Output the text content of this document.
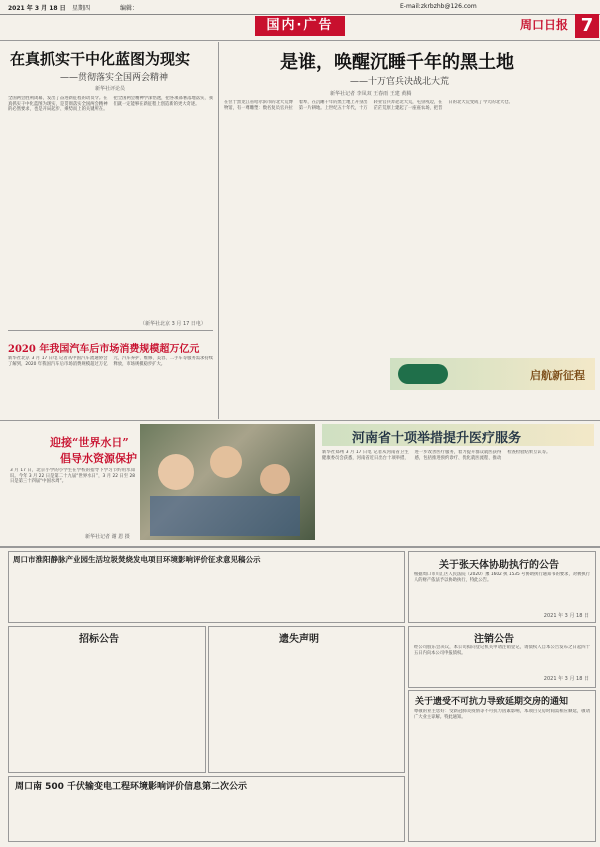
2021 年 3 月 18 日 星期四	编辑：	E-mail:zkrbzhb@126.com
国内·广告	周口日报 7
在真抓实干中化蓝图为现实
——贯彻落实全国两会精神
新华社评论员
全国两会胜利闭幕，发出了奋进新征程的动员令。在真抓实干中化蓝图为现实，是贯彻落实全国两会精神的必然要求，也是开局起步、乘势而上的关键所在。把全国两会精神学深悟透，把各项部署落地落实，我们就一定能够在新征程上创造新的更大奇迹。
（新华社北京 3 月 17 日电）
2020 年我国汽车后市场消费规模超万亿元
新华社北京 3 月 17 日电 记者从中国汽车流通协会了解到，2020 年我国汽车后市场消费规模超过万亿元，汽车养护、维修、美容、二手车等服务需求持续释放，市场规模稳步扩大。
是谁，唤醒沉睡千年的黑土地
——十万官兵决战北大荒
新华社记者 李凤双 王春雨 王建 黄腾
在位于黑龙江省哈尔滨市的北大荒博物馆，有一尊雕塑：数名复员官兵拉着犁，在沉睡千年的黑土地上开垦出第一片耕地。上世纪五十年代，十万转业官兵奔赴北大荒，屯垦戍边，在茫茫荒原上建起了一座座农场，把昔日的北大荒变成了今天的北大仓。
启航新征程
迎接“世界水日”
倡导水资源保护
3 月 17 日，北京小学的小学生在学校的指导下学习节约用水知识。今年 3 月 22 日是第二十九届“世界水日”，3 月 22 日至 28 日是第三十四届“中国水周”。
新华社记者 谢 恩 摄
河南省十项举措提升医疗服务
新华社郑州 3 月 17 日电 记者从河南省卫生健康委员会获悉，河南省近日出台十项举措，进一步改善医疗服务，着力提升群众就医获得感，包括推进预约诊疗、优化就医流程、推动检查检验结果互认等。
周口市淮阳静脉产业园生活垃圾焚烧发电项目环境影响评价征求意见稿公示
关于张天体协助执行的公告
根据周口市川汇区人民法院（2020）豫 1602 执 1535 号协助执行通知书的要求，对被执行人的财产依法予以协助执行，特此公告。
2021 年 3 月 18 日
招标公告	遗失声明	注销公告
经公司股东会决议，本公司拟向登记机关申请注销登记，请债权人自本公告发布之日起四十五日内向本公司申报债权。
2021 年 3 月 18 日
关于遗受不可抗力导致延期交房的通知
尊敬的业主您好：受新冠肺炎疫情等不可抗力因素影响，本项目交房时间需相应顺延，敬请广大业主谅解。特此通知。
周口南 500 千伏输变电工程环境影响评价信息第二次公示
